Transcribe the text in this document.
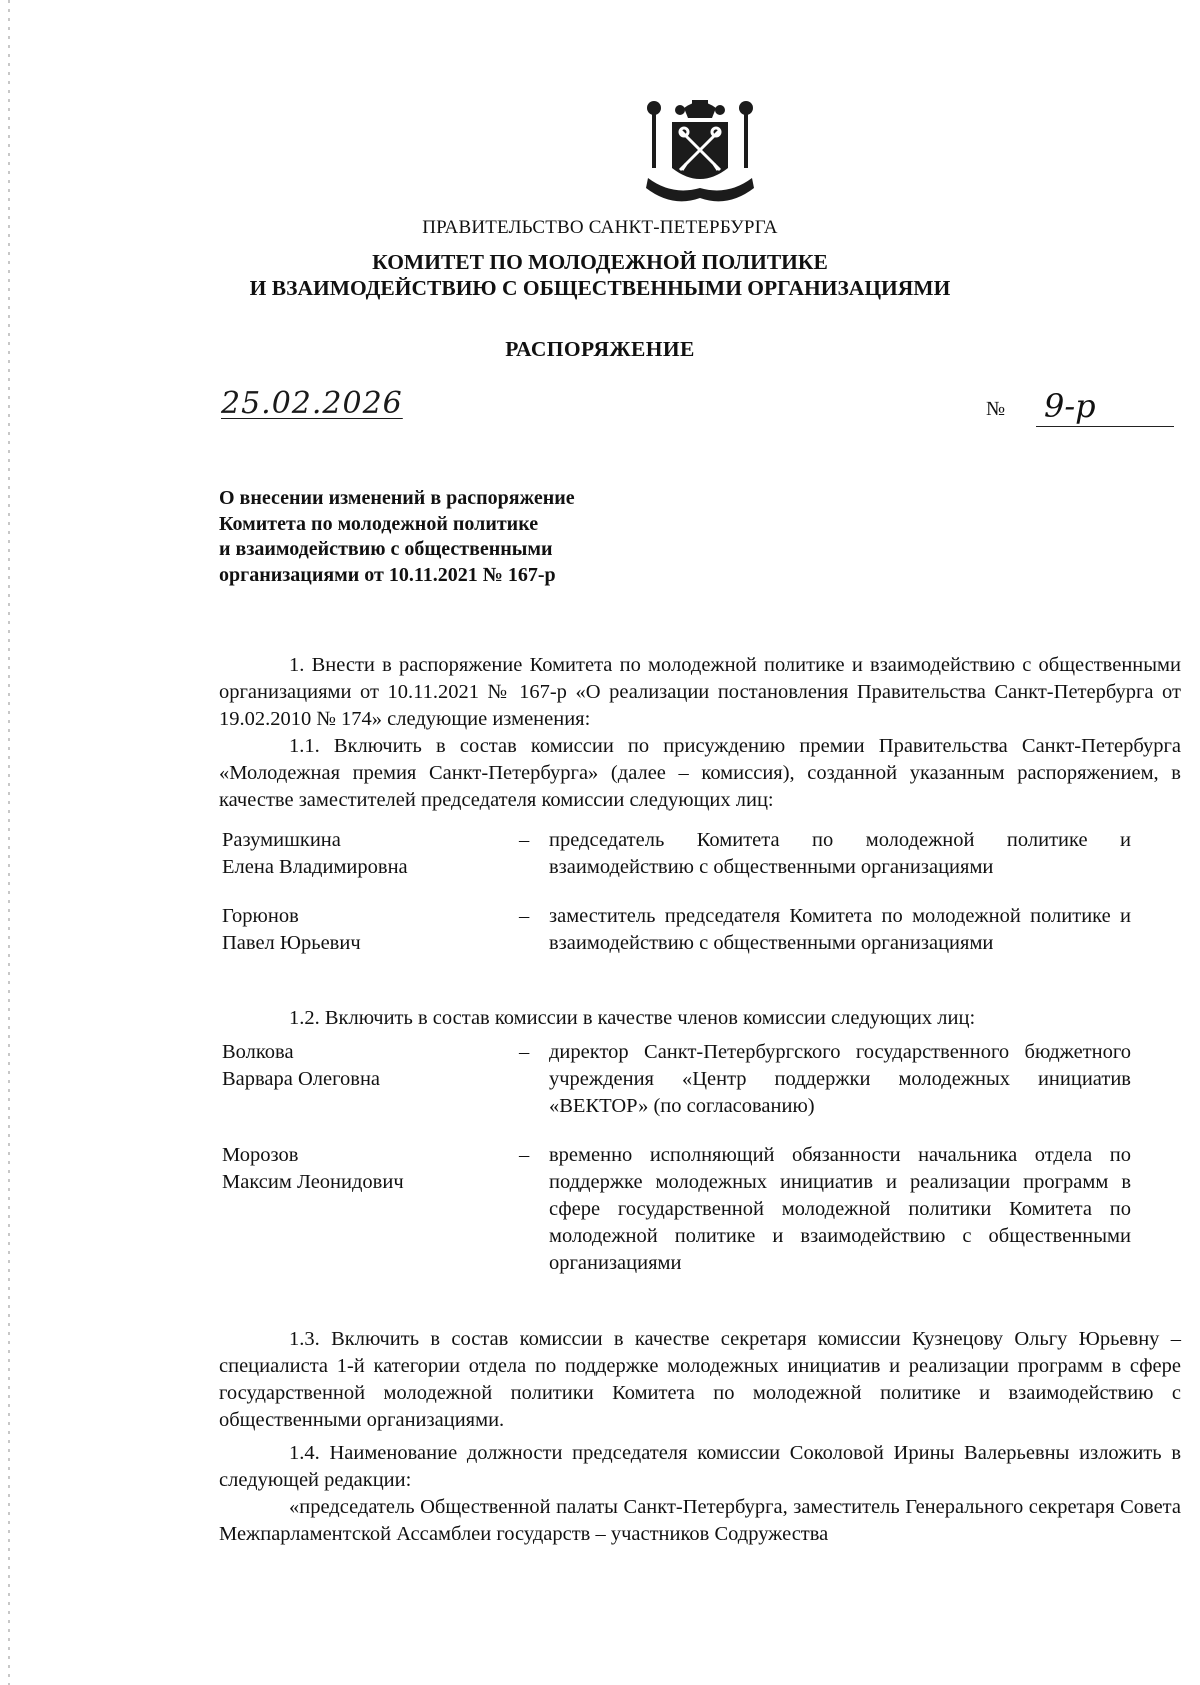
ПРАВИТЕЛЬСТВО САНКТ-ПЕТЕРБУРГА
КОМИТЕТ ПО МОЛОДЕЖНОЙ ПОЛИТИКЕ
И ВЗАИМОДЕЙСТВИЮ С ОБЩЕСТВЕННЫМИ ОРГАНИЗАЦИЯМИ
РАСПОРЯЖЕНИЕ
25.02.2026	№ 9-р
О внесении изменений в распоряжение
Комитета по молодежной политике
и взаимодействию с общественными
организациями от 10.11.2021 № 167-р

1. Внести в распоряжение Комитета по молодежной политике и взаимодействию с общественными организациями от 10.11.2021 № 167-р «О реализации постановления Правительства Санкт-Петербурга от 19.02.2010 № 174» следующие изменения:

1.1. Включить в состав комиссии по присуждению премии Правительства Санкт-Петербурга «Молодежная премия Санкт-Петербурга» (далее – комиссия), созданной указанным распоряжением, в качестве заместителей председателя комиссии следующих лиц:

Разумишкина
Елена Владимировна
– председатель Комитета по молодежной политике и взаимодействию с общественными организациями
Горюнов
Павел Юрьевич
– заместитель председателя Комитета по молодежной политике и взаимодействию с общественными организациями

1.2. Включить в состав комиссии в качестве членов комиссии следующих лиц:

Волкова
Варвара Олеговна
– директор Санкт-Петербургского государственного бюджетного учреждения «Центр поддержки молодежных инициатив «ВЕКТОР» (по согласованию)
Морозов
Максим Леонидович
– временно исполняющий обязанности начальника отдела по поддержке молодежных инициатив и реализации программ в сфере государственной молодежной политики Комитета по молодежной политике и взаимодействию с общественными организациями

1.3. Включить в состав комиссии в качестве секретаря комиссии Кузнецову Ольгу Юрьевну – специалиста 1-й категории отдела по поддержке молодежных инициатив и реализации программ в сфере государственной молодежной политики Комитета по молодежной политике и взаимодействию с общественными организациями.

1.4. Наименование должности председателя комиссии Соколовой Ирины Валерьевны изложить в следующей редакции:

«председатель Общественной палаты Санкт-Петербурга, заместитель Генерального секретаря Совета Межпарламентской Ассамблеи государств – участников Содружества
